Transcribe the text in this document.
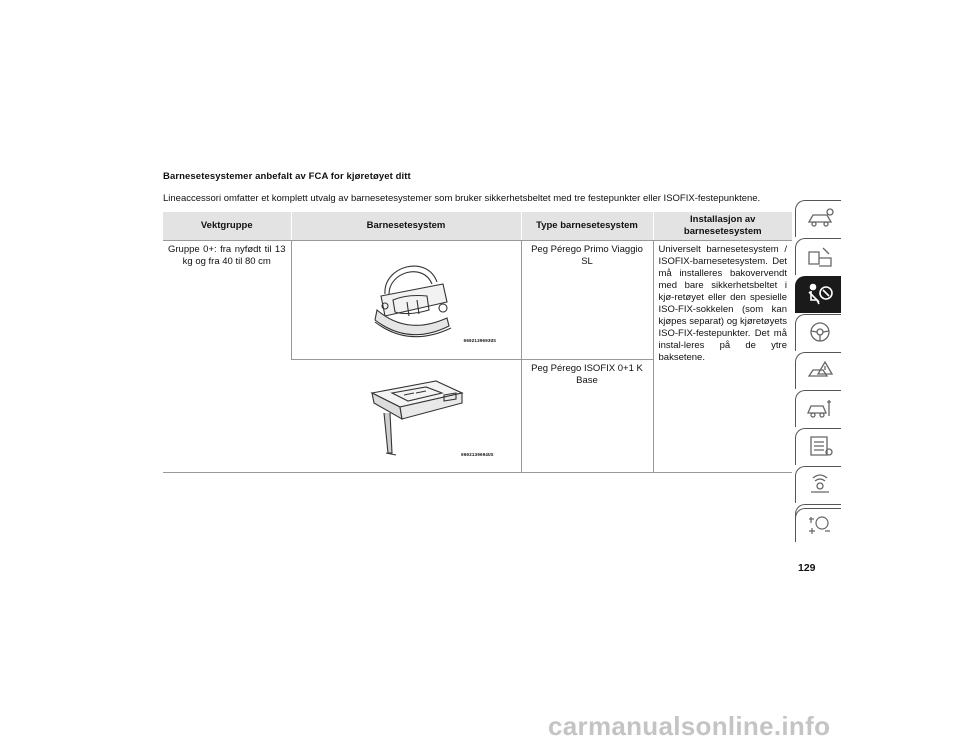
Barnesetesystemer anbefalt av FCA for kjøretøyet ditt
Lineaccessori omfatter et komplett utvalg av barnesetesystemer som bruker sikkerhetsbeltet med tre festepunkter eller ISOFIX-festepunktene.
Vektgruppe	Barnesetesystem	Type barnesetesystem	Installasjon av barnesetesystem
Gruppe 0+: fra nyfødt til 13 kg og fra 40 til 80 cm	0602139693US	Peg Pérego Primo Viaggio SL	Universelt barnesetesystem / ISOFIX-barnesetesystem. Det må installeres bakovervendt med bare sikkerhetsbeltet i kjø-retøyet eller den spesielle ISO-FIX-sokkelen (som kan kjøpes separat) og kjøretøyets ISO-FIX-festepunkter. Det må instal-leres på de ytre baksetene.

	0602139694US	Peg Pérego ISOFIX 0+1 K Base	
129
carmanualsonline.info
